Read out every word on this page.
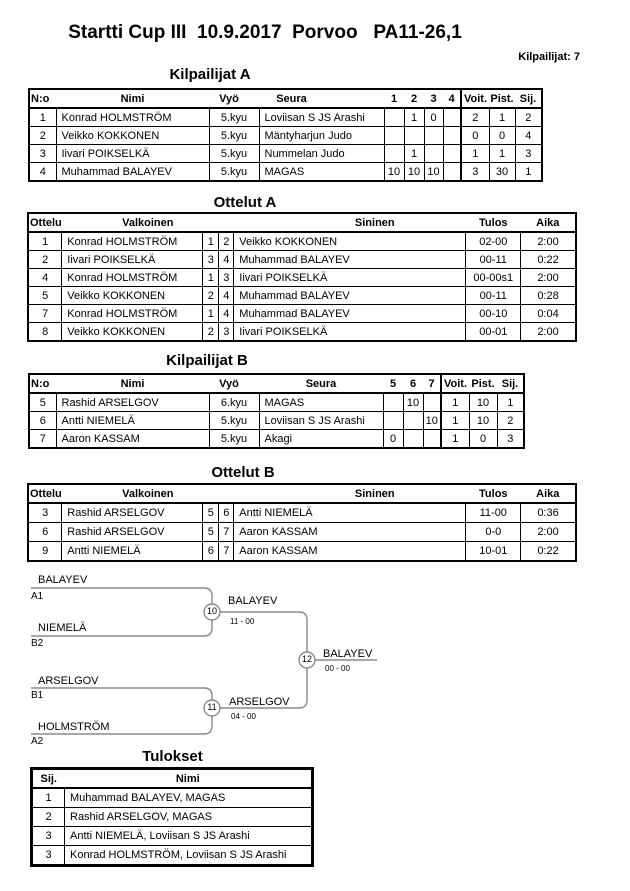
Startti Cup III  10.9.2017  Porvoo   PA11-26,1
Kilpailijat: 7
Kilpailijat A
N:o	Nimi	Vyö	Seura	1	2	3	4	Voit.	Pist.	Sij.
1	Konrad HOLMSTRÖM	5.kyu	Loviisan S JS Arashi		1	0		2	1	2
2	Veikko KOKKONEN	5.kyu	Mäntyharjun Judo					0	0	4
3	Iivari POIKSELKÄ	5.kyu	Nummelan Judo		1			1	1	3
4	Muhammad BALAYEV	5.kyu	MAGAS	10	10	10		3	30	1
Ottelut A
Ottelu	Valkoinen			Sininen	Tulos	Aika
1	Konrad HOLMSTRÖM	1	2	Veikko KOKKONEN	02-00	2:00
2	Iivari POIKSELKÄ	3	4	Muhammad BALAYEV	00-11	0:22
4	Konrad HOLMSTRÖM	1	3	Iivari POIKSELKÄ	00-00s1	2:00
5	Veikko KOKKONEN	2	4	Muhammad BALAYEV	00-11	0:28
7	Konrad HOLMSTRÖM	1	4	Muhammad BALAYEV	00-10	0:04
8	Veikko KOKKONEN	2	3	Iivari POIKSELKÄ	00-01	2:00
Kilpailijat B
N:o	Nimi	Vyö	Seura	5	6	7	Voit.	Pist.	Sij.
5	Rashid ARSELGOV	6.kyu	MAGAS		10		1	10	1
6	Antti NIEMELÄ	5.kyu	Loviisan S JS Arashi			10	1	10	2
7	Aaron KASSAM	5.kyu	Akagi	0			1	0	3
Ottelut B
Ottelu	Valkoinen			Sininen	Tulos	Aika
3	Rashid ARSELGOV	5	6	Antti NIEMELÄ	11-00	0:36
6	Rashid ARSELGOV	5	7	Aaron KASSAM	0-0	2:00
9	Antti NIEMELÄ	6	7	Aaron KASSAM	10-01	0:22
BALAYEV
A1
NIEMELÄ
B2
10
BALAYEV
11 - 00
ARSELGOV
B1
HOLMSTRÖM
A2
11	ARSELGOV
04 - 00
12 BALAYEV
00 - 00
Tulokset
Sij.	Nimi
1	Muhammad BALAYEV, MAGAS
2	Rashid ARSELGOV, MAGAS
3	Antti NIEMELÄ, Loviisan S JS Arashi
3	Konrad HOLMSTRÖM, Loviisan S JS Arashi
